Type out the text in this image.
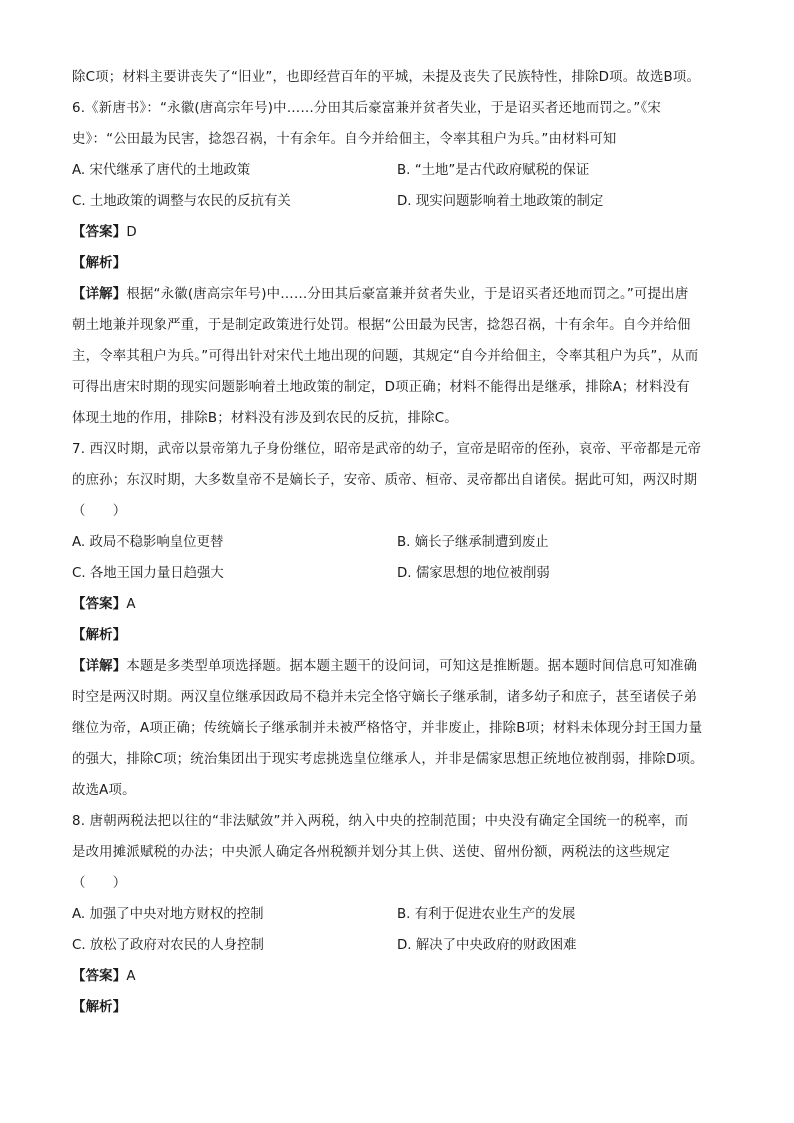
除C项；材料主要讲丧失了“旧业”，也即经营百年的平城，未提及丧失了民族特性，排除D项。故选B项。
6.《新唐书》：“永徽(唐高宗年号)中……分田其后豪富兼并贫者失业，于是诏买者还地而罚之。”《宋
史》：“公田最为民害，捻怨召祸，十有余年。自今并给佃主，令率其租户为兵。”由材料可知
A. 宋代继承了唐代的土地政策	B. “土地”是古代政府赋税的保证
C. 土地政策的调整与农民的反抗有关	D. 现实问题影响着土地政策的制定
【答案】D
【解析】
【详解】根据“永徽(唐高宗年号)中……分田其后豪富兼并贫者失业，于是诏买者还地而罚之。”可提出唐
朝土地兼并现象严重，于是制定政策进行处罚。根据“公田最为民害，捻怨召祸，十有余年。自今并给佃
主，令率其租户为兵。”可得出针对宋代土地出现的问题，其规定“自今并给佃主，令率其租户为兵”，从而
可得出唐宋时期的现实问题影响着土地政策的制定，D项正确；材料不能得出是继承，排除A；材料没有
体现土地的作用，排除B；材料没有涉及到农民的反抗，排除C。
7. 西汉时期，武帝以景帝第九子身份继位，昭帝是武帝的幼子，宣帝是昭帝的侄孙，哀帝、平帝都是元帝
的庶孙；东汉时期，大多数皇帝不是嫡长子，安帝、质帝、桓帝、灵帝都出自诸侯。据此可知，两汉时期
（　　）
A. 政局不稳影响皇位更替	B. 嫡长子继承制遭到废止
C. 各地王国力量日趋强大	D. 儒家思想的地位被削弱
【答案】A
【解析】
【详解】本题是多类型单项选择题。据本题主题干的设问词，可知这是推断题。据本题时间信息可知准确
时空是两汉时期。两汉皇位继承因政局不稳并未完全恪守嫡长子继承制，诸多幼子和庶子，甚至诸侯子弟
继位为帝，A项正确；传统嫡长子继承制并未被严格恪守，并非废止，排除B项；材料未体现分封王国力量
的强大，排除C项；统治集团出于现实考虑挑选皇位继承人，并非是儒家思想正统地位被削弱，排除D项。
故选A项。
8. 唐朝两税法把以往的“非法赋敛”并入两税，纳入中央的控制范围；中央没有确定全国统一的税率，而
是改用摊派赋税的办法；中央派人确定各州税额并划分其上供、送使、留州份额，两税法的这些规定
（　　）
A. 加强了中央对地方财权的控制	B. 有利于促进农业生产的发展
C. 放松了政府对农民的人身控制	D. 解决了中央政府的财政困难
【答案】A
【解析】
